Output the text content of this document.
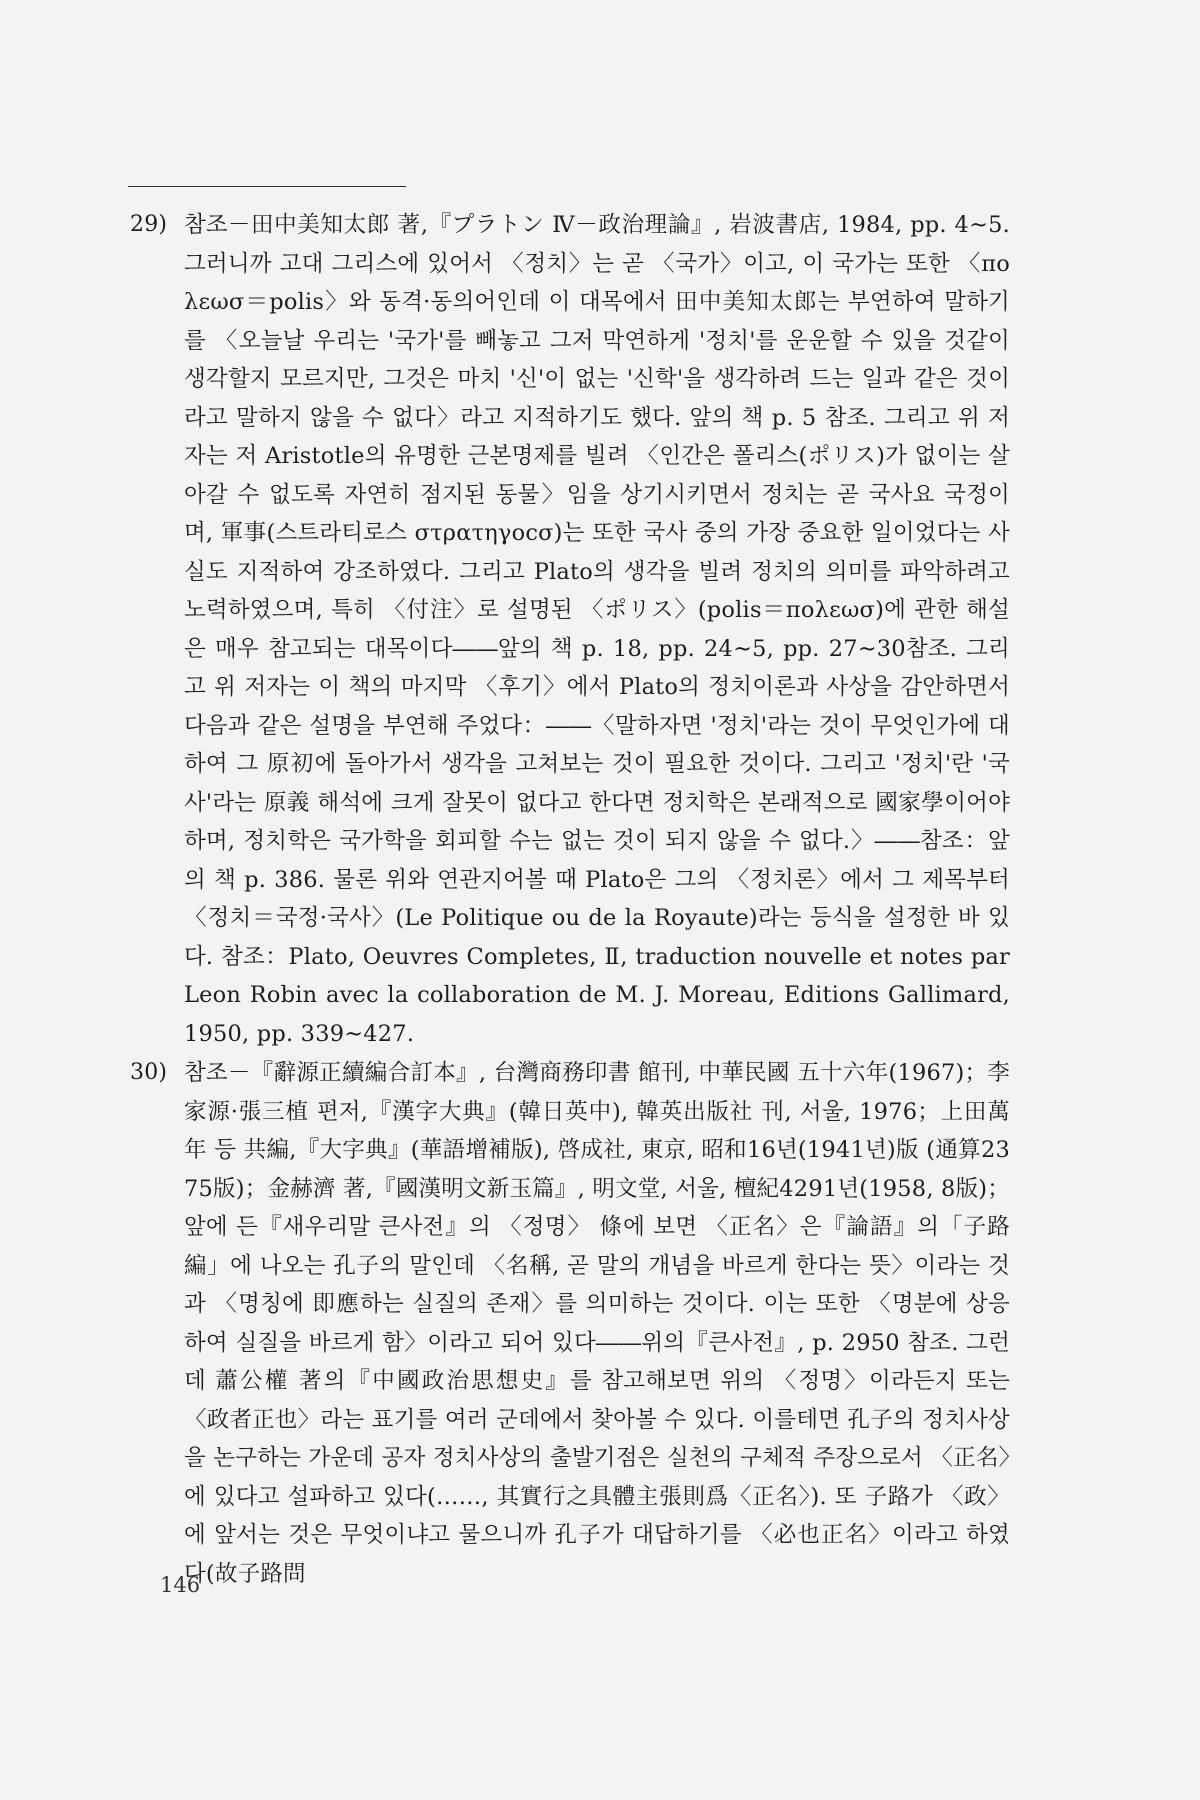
29) 참조－田中美知太郎 著,『プラトン Ⅳ－政治理論』, 岩波書店, 1984, pp. 4∼5. 그러니까 고대 그리스에 있어서 〈정치〉는 곧 〈국가〉이고, 이 국가는 또한 〈πολεωσ＝polis〉와 동격·동의어인데 이 대목에서 田中美知太郎는 부연하여 말하기를 〈오늘날 우리는 '국가'를 빼놓고 그저 막연하게 '정치'를 운운할 수 있을 것같이 생각할지 모르지만, 그것은 마치 '신'이 없는 '신학'을 생각하려 드는 일과 같은 것이라고 말하지 않을 수 없다〉라고 지적하기도 했다. 앞의 책 p. 5 참조. 그리고 위 저자는 저 Aristotle의 유명한 근본명제를 빌려 〈인간은 폴리스(ポリス)가 없이는 살아갈 수 없도록 자연히 점지된 동물〉임을 상기시키면서 정치는 곧 국사요 국정이며, 軍事(스트라티로스 στρατηγοcσ)는 또한 국사 중의 가장 중요한 일이었다는 사실도 지적하여 강조하였다. 그리고 Plato의 생각을 빌려 정치의 의미를 파악하려고 노력하였으며, 특히 〈付注〉로 설명된 〈ポリス〉(polis＝πολεωσ)에 관한 해설은 매우 참고되는 대목이다――앞의 책 p. 18, pp. 24∼5, pp. 27∼30참조. 그리고 위 저자는 이 책의 마지막 〈후기〉에서 Plato의 정치이론과 사상을 감안하면서 다음과 같은 설명을 부연해 주었다：――〈말하자면 '정치'라는 것이 무엇인가에 대하여 그 原初에 돌아가서 생각을 고쳐보는 것이 필요한 것이다. 그리고 '정치'란 '국사'라는 原義 해석에 크게 잘못이 없다고 한다면 정치학은 본래적으로 國家學이어야 하며, 정치학은 국가학을 회피할 수는 없는 것이 되지 않을 수 없다.〉――참조：앞의 책 p. 386. 물론 위와 연관지어볼 때 Plato은 그의 〈정치론〉에서 그 제목부터 〈정치＝국정·국사〉(Le Politique ou de la Royaute)라는 등식을 설정한 바 있다. 참조：Plato, Oeuvres Completes, Ⅱ, traduction nouvelle et notes par Leon Robin avec la collaboration de M. J. Moreau, Editions Gallimard, 1950, pp. 339∼427.
30) 참조－『辭源正續編合訂本』, 台灣商務印書 館刊, 中華民國 五十六年(1967)；李家源·張三植 편저,『漢字大典』(韓日英中), 韓英出版社 刊, 서울, 1976；上田萬年 등 共編,『大字典』(華語增補版), 啓成社, 東京, 昭和16년(1941년)版 (通算2375版)；金赫濟 著,『國漢明文新玉篇』, 明文堂, 서울, 檀紀4291년(1958, 8版)；앞에 든『새우리말 큰사전』의 〈정명〉 條에 보면 〈正名〉은『論語』의「子路編」에 나오는 孔子의 말인데 〈名稱, 곧 말의 개념을 바르게 한다는 뜻〉이라는 것과 〈명칭에 即應하는 실질의 존재〉를 의미하는 것이다. 이는 또한 〈명분에 상응하여 실질을 바르게 함〉이라고 되어 있다――위의『큰사전』, p. 2950 참조. 그런데 蕭公權 著의『中國政治思想史』를 참고해보면 위의 〈정명〉이라든지 또는 〈政者正也〉라는 표기를 여러 군데에서 찾아볼 수 있다. 이를테면 孔子의 정치사상을 논구하는 가운데 공자 정치사상의 출발기점은 실천의 구체적 주장으로서 〈正名〉에 있다고 설파하고 있다(……, 其實行之具體主張則爲〈正名〉). 또 子路가 〈政〉에 앞서는 것은 무엇이냐고 물으니까 孔子가 대답하기를 〈必也正名〉이라고 하였다(故子路問
146
